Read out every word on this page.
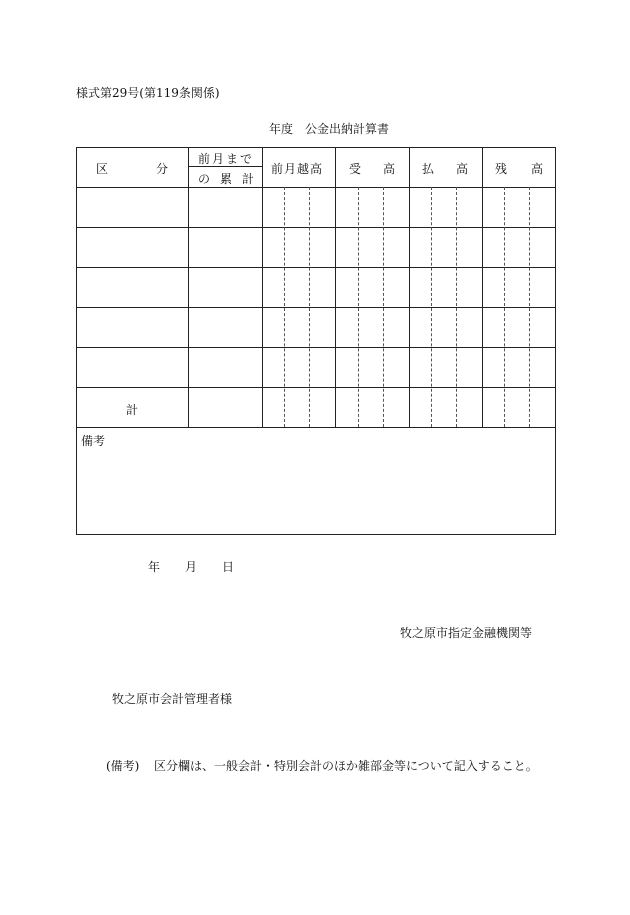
様式第29号(第119条関係)
年度　公金出納計算書
区	分
前月まで
の 累 計
前月越高 受 高 払 高 残 高
計
備考
年 月 日
牧之原市指定金融機関等
牧之原市会計管理者様
(備考) 区分欄は、一般会計・特別会計のほか雑部金等について記入すること。
